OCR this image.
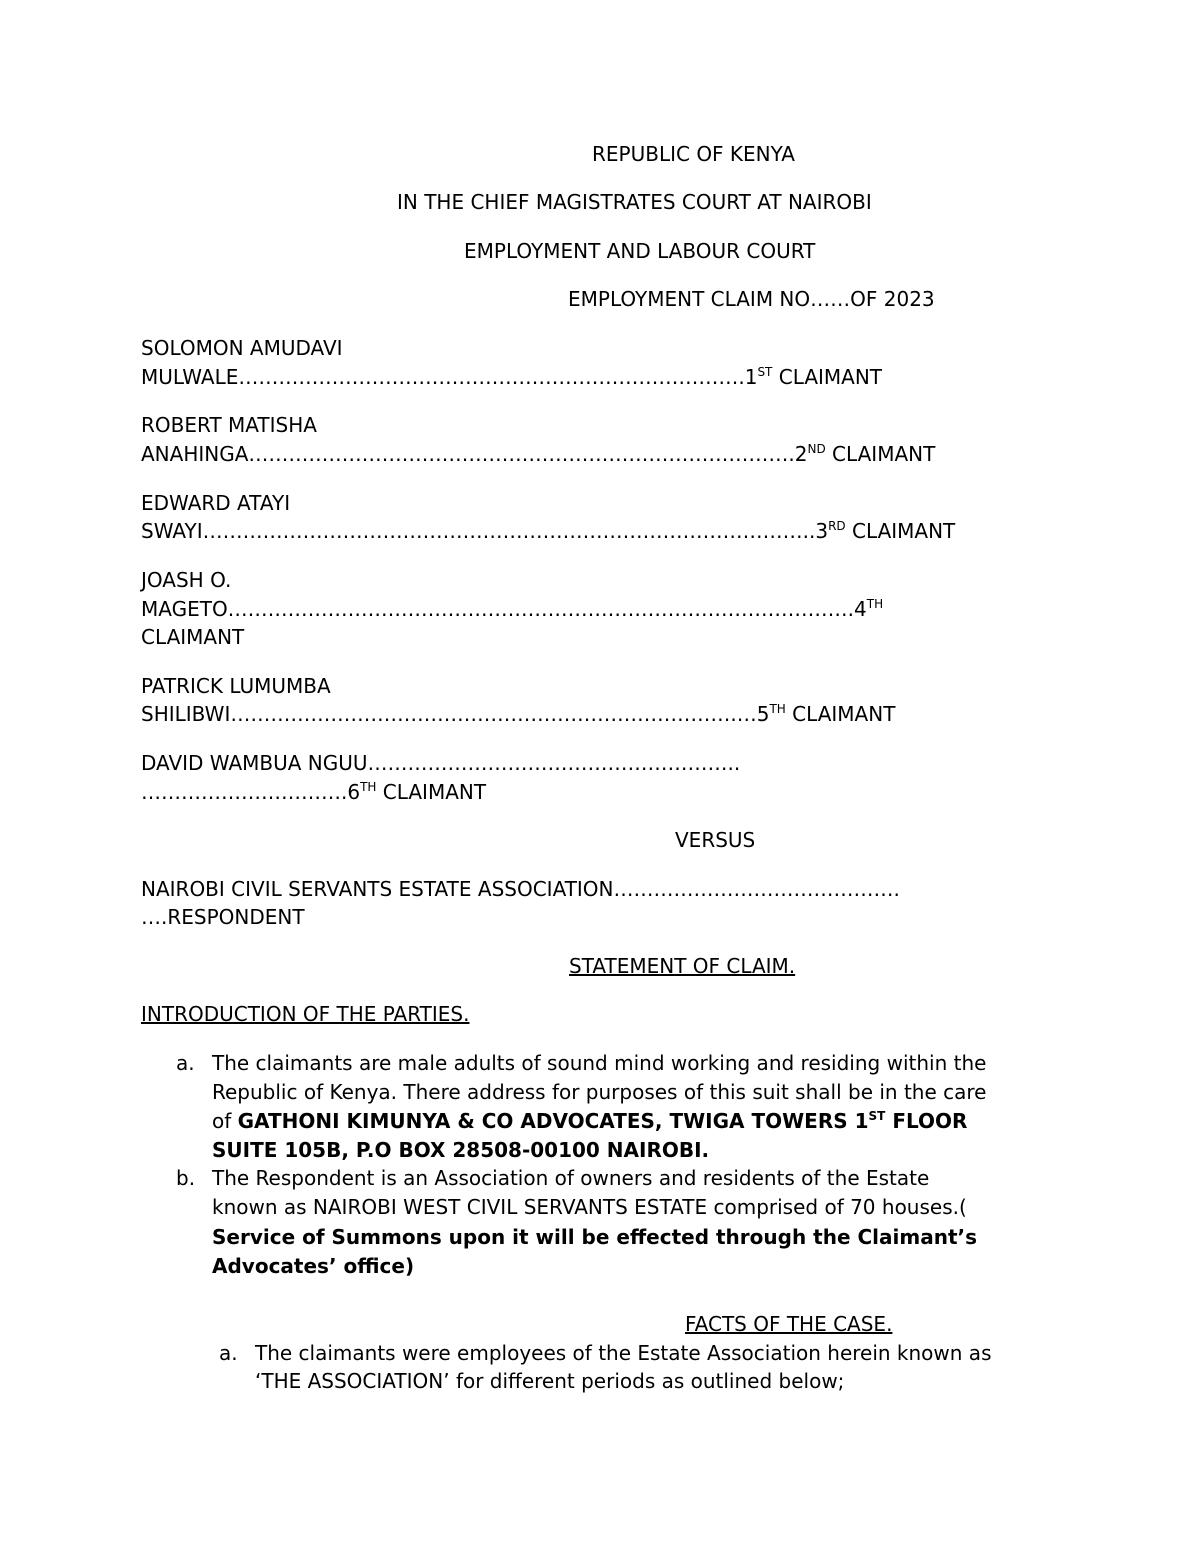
REPUBLIC OF KENYA
IN THE CHIEF MAGISTRATES COURT AT NAIROBI
EMPLOYMENT AND LABOUR COURT
EMPLOYMENT CLAIM NO……OF 2023
SOLOMON AMUDAVI
MULWALE………………………………………………………………….1ST CLAIMANT
ROBERT MATISHA
ANAHINGA……………………………………………………………………….2ND CLAIMANT
EDWARD ATAYI
SWAYI………………………………………………………………………………..3RD CLAIMANT
JOASH O.
MAGETO………………………………………………………………………………….4TH
CLAIMANT
PATRICK LUMUMBA
SHILIBWI………………………………………………………………….…5TH CLAIMANT
DAVID WAMBUA NGUU………………………………………………..
………………………….6TH CLAIMANT
VERSUS
NAIROBI CIVIL SERVANTS ESTATE ASSOCIATION…………………………………….
….RESPONDENT
STATEMENT OF CLAIM.
INTRODUCTION OF THE PARTIES.
a. The claimants are male adults of sound mind working and residing within the
Republic of Kenya. There address for purposes of this suit shall be in the care
of GATHONI KIMUNYA & CO ADVOCATES, TWIGA TOWERS 1ST FLOOR
SUITE 105B, P.O BOX 28508-00100 NAIROBI.
b. The Respondent is an Association of owners and residents of the Estate
known as NAIROBI WEST CIVIL SERVANTS ESTATE comprised of 70 houses.(
Service of Summons upon it will be effected through the Claimant’s
Advocates’ office)
FACTS OF THE CASE.
a. The claimants were employees of the Estate Association herein known as
‘THE ASSOCIATION’ for different periods as outlined below;
